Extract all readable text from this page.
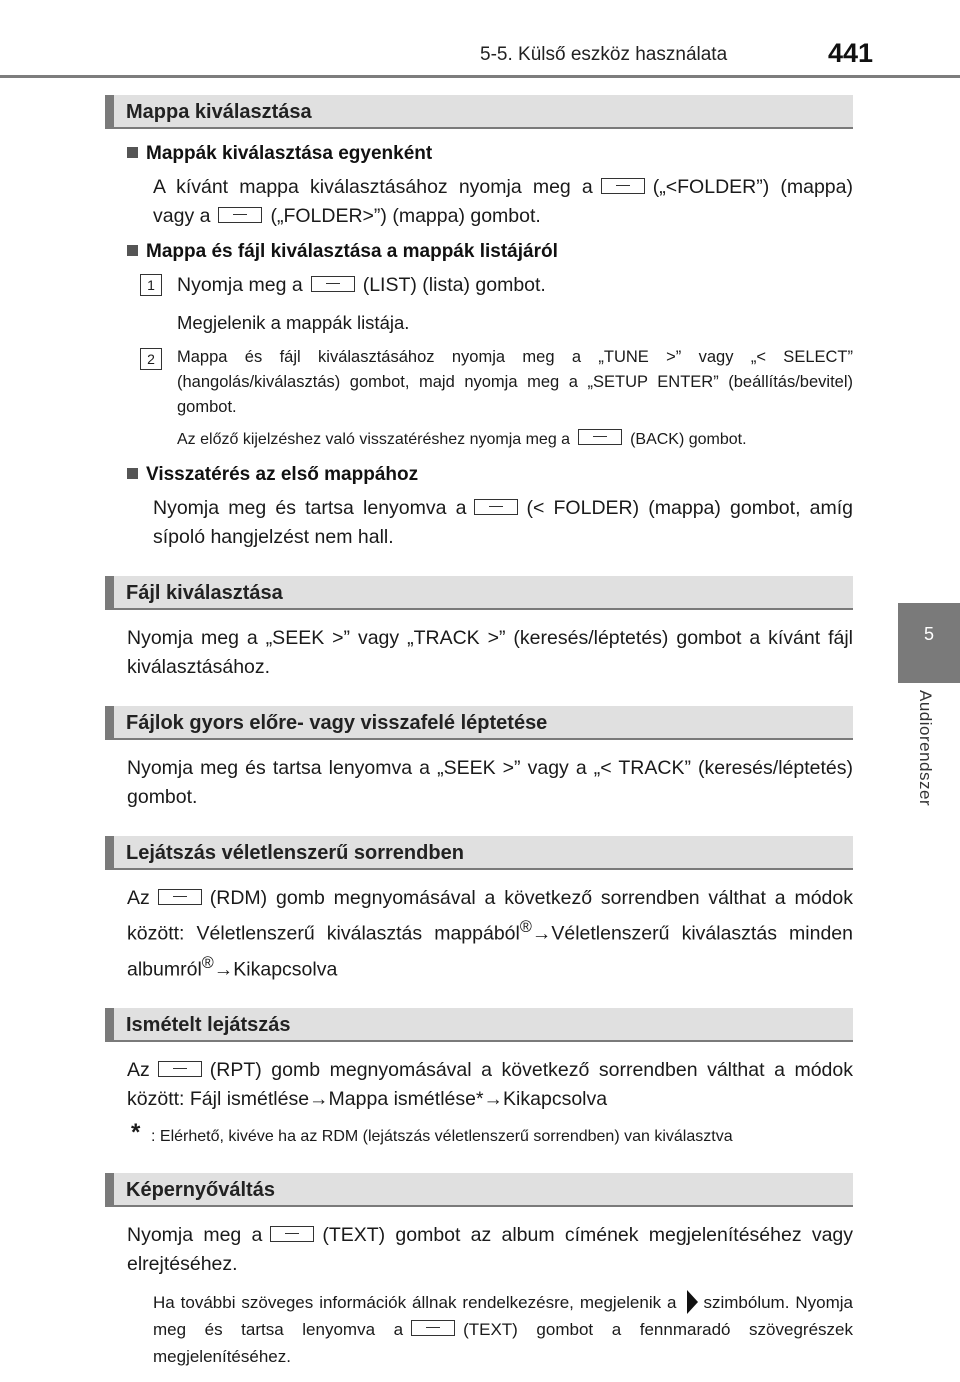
5-5. Külső eszköz használata	441
5
Audiorendszer
Mappa kiválasztása
Mappák kiválasztása egyenként
A kívánt mappa kiválasztásához nyomja meg a	(„<FOLDER”) (mappa) vagy a	(„FOLDER>”) (mappa) gombot.
Mappa és fájl kiválasztása a mappák listájáról
1	Nyomja meg a	(LIST) (lista) gombot.
Megjelenik a mappák listája.
2	Mappa és fájl kiválasztásához nyomja meg a „TUNE >” vagy „< SELECT” (hangolás/kiválasztás) gombot, majd nyomja meg a „SETUP ENTER” (beállítás/bevitel) gombot.
Az előző kijelzéshez való visszatéréshez nyomja meg a	(BACK) gombot.
Visszatérés az első mappához
Nyomja meg és tartsa lenyomva a	(< FOLDER) (mappa) gombot, amíg sípoló hangjelzést nem hall.
Fájl kiválasztása
Nyomja meg a „SEEK >” vagy „TRACK >” (keresés/léptetés) gombot a kívánt fájl kiválasztásához.
Fájlok gyors előre- vagy visszafelé léptetése
Nyomja meg és tartsa lenyomva a „SEEK >” vagy a „< TRACK” (keresés/léptetés) gombot.
Lejátszás véletlenszerű sorrendben
Az	(RDM) gomb megnyomásával a következő sorrendben válthat a módok között: Véletlenszerű kiválasztás mappából®→Véletlenszerű kiválasztás minden albumról®→Kikapcsolva
Ismételt lejátszás
Az	(RPT) gomb megnyomásával a következő sorrendben válthat a módok között: Fájl ismétlése→Mappa ismétlése*→Kikapcsolva
* : Elérhető, kivéve ha az RDM (lejátszás véletlenszerű sorrendben) van kiválasztva
Képernyőváltás
Nyomja meg a	(TEXT) gombot az album címének megjelenítéséhez vagy elrejtéséhez.
Ha további szöveges információk állnak rendelkezésre, megjelenik a szimbólum. Nyomja meg és tartsa lenyomva a	(TEXT) gombot a fennmaradó szövegrészek megjelenítéséhez.
